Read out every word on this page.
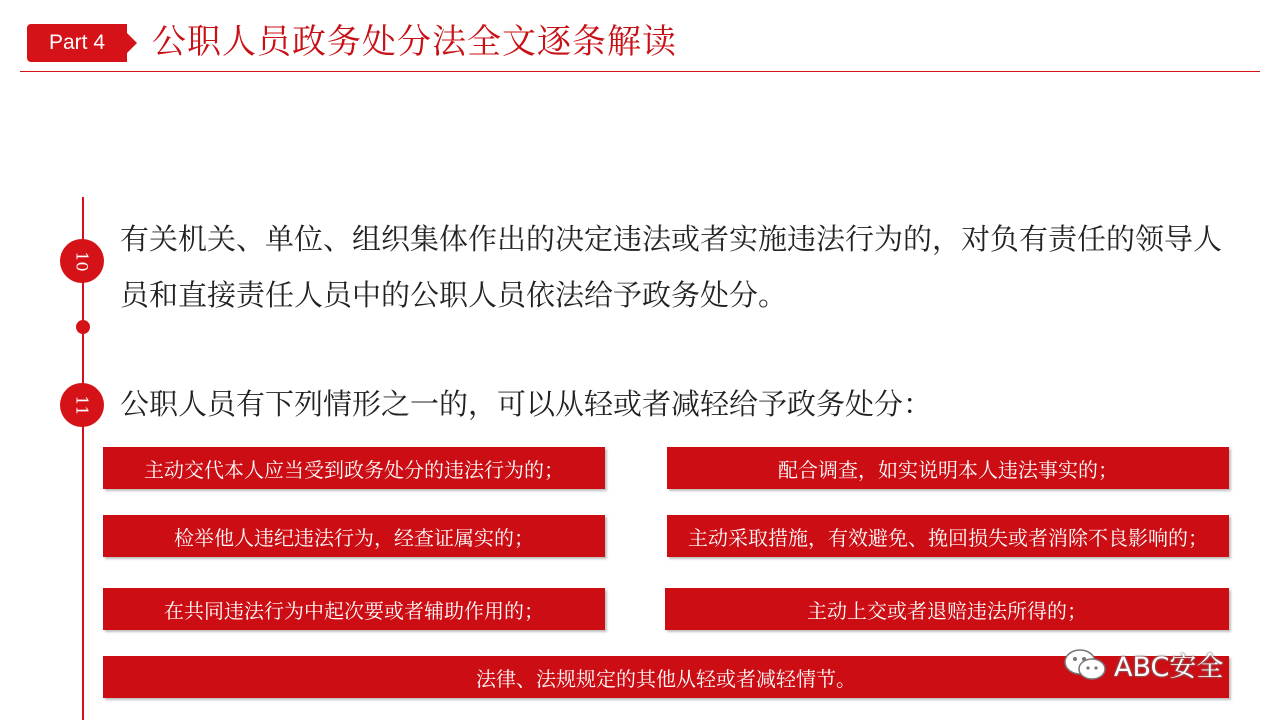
Part 4	公职人员政务处分法全文逐条解读
10
11
有关机关、单位、组织集体作出的决定违法或者实施违法行为的，对负有责任的领导人员和直接责任人员中的公职人员依法给予政务处分。
公职人员有下列情形之一的，可以从轻或者减轻给予政务处分：
主动交代本人应当受到政务处分的违法行为的；	配合调查，如实说明本人违法事实的；
检举他人违纪违法行为，经查证属实的；	主动采取措施，有效避免、挽回损失或者消除不良影响的；
在共同违法行为中起次要或者辅助作用的；	主动上交或者退赔违法所得的；
法律、法规规定的其他从轻或者减轻情节。	ABC安全
